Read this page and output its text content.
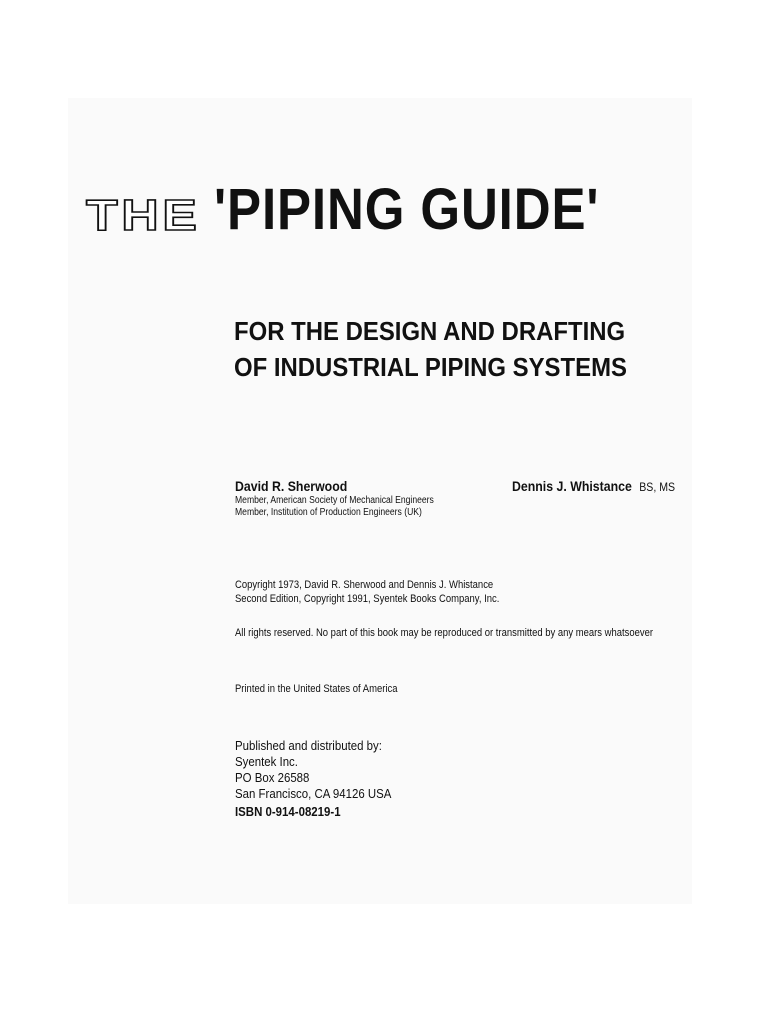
THE 'PIPING GUIDE'
FOR THE DESIGN AND DRAFTING
OF INDUSTRIAL PIPING SYSTEMS
David R. Sherwood
Member, American Society of Mechanical Engineers
Member, Institution of Production Engineers (UK)
Dennis J. Whistance BS, MS
Copyright 1973, David R. Sherwood and Dennis J. Whistance
Second Edition, Copyright 1991, Syentek Books Company, Inc.
All rights reserved. No part of this book may be reproduced or transmitted by any mears whatsoever
Printed in the United States of America
Published and distributed by:
Syentek Inc.
PO Box 26588
San Francisco, CA 94126 USA
ISBN 0-914-08219-1
